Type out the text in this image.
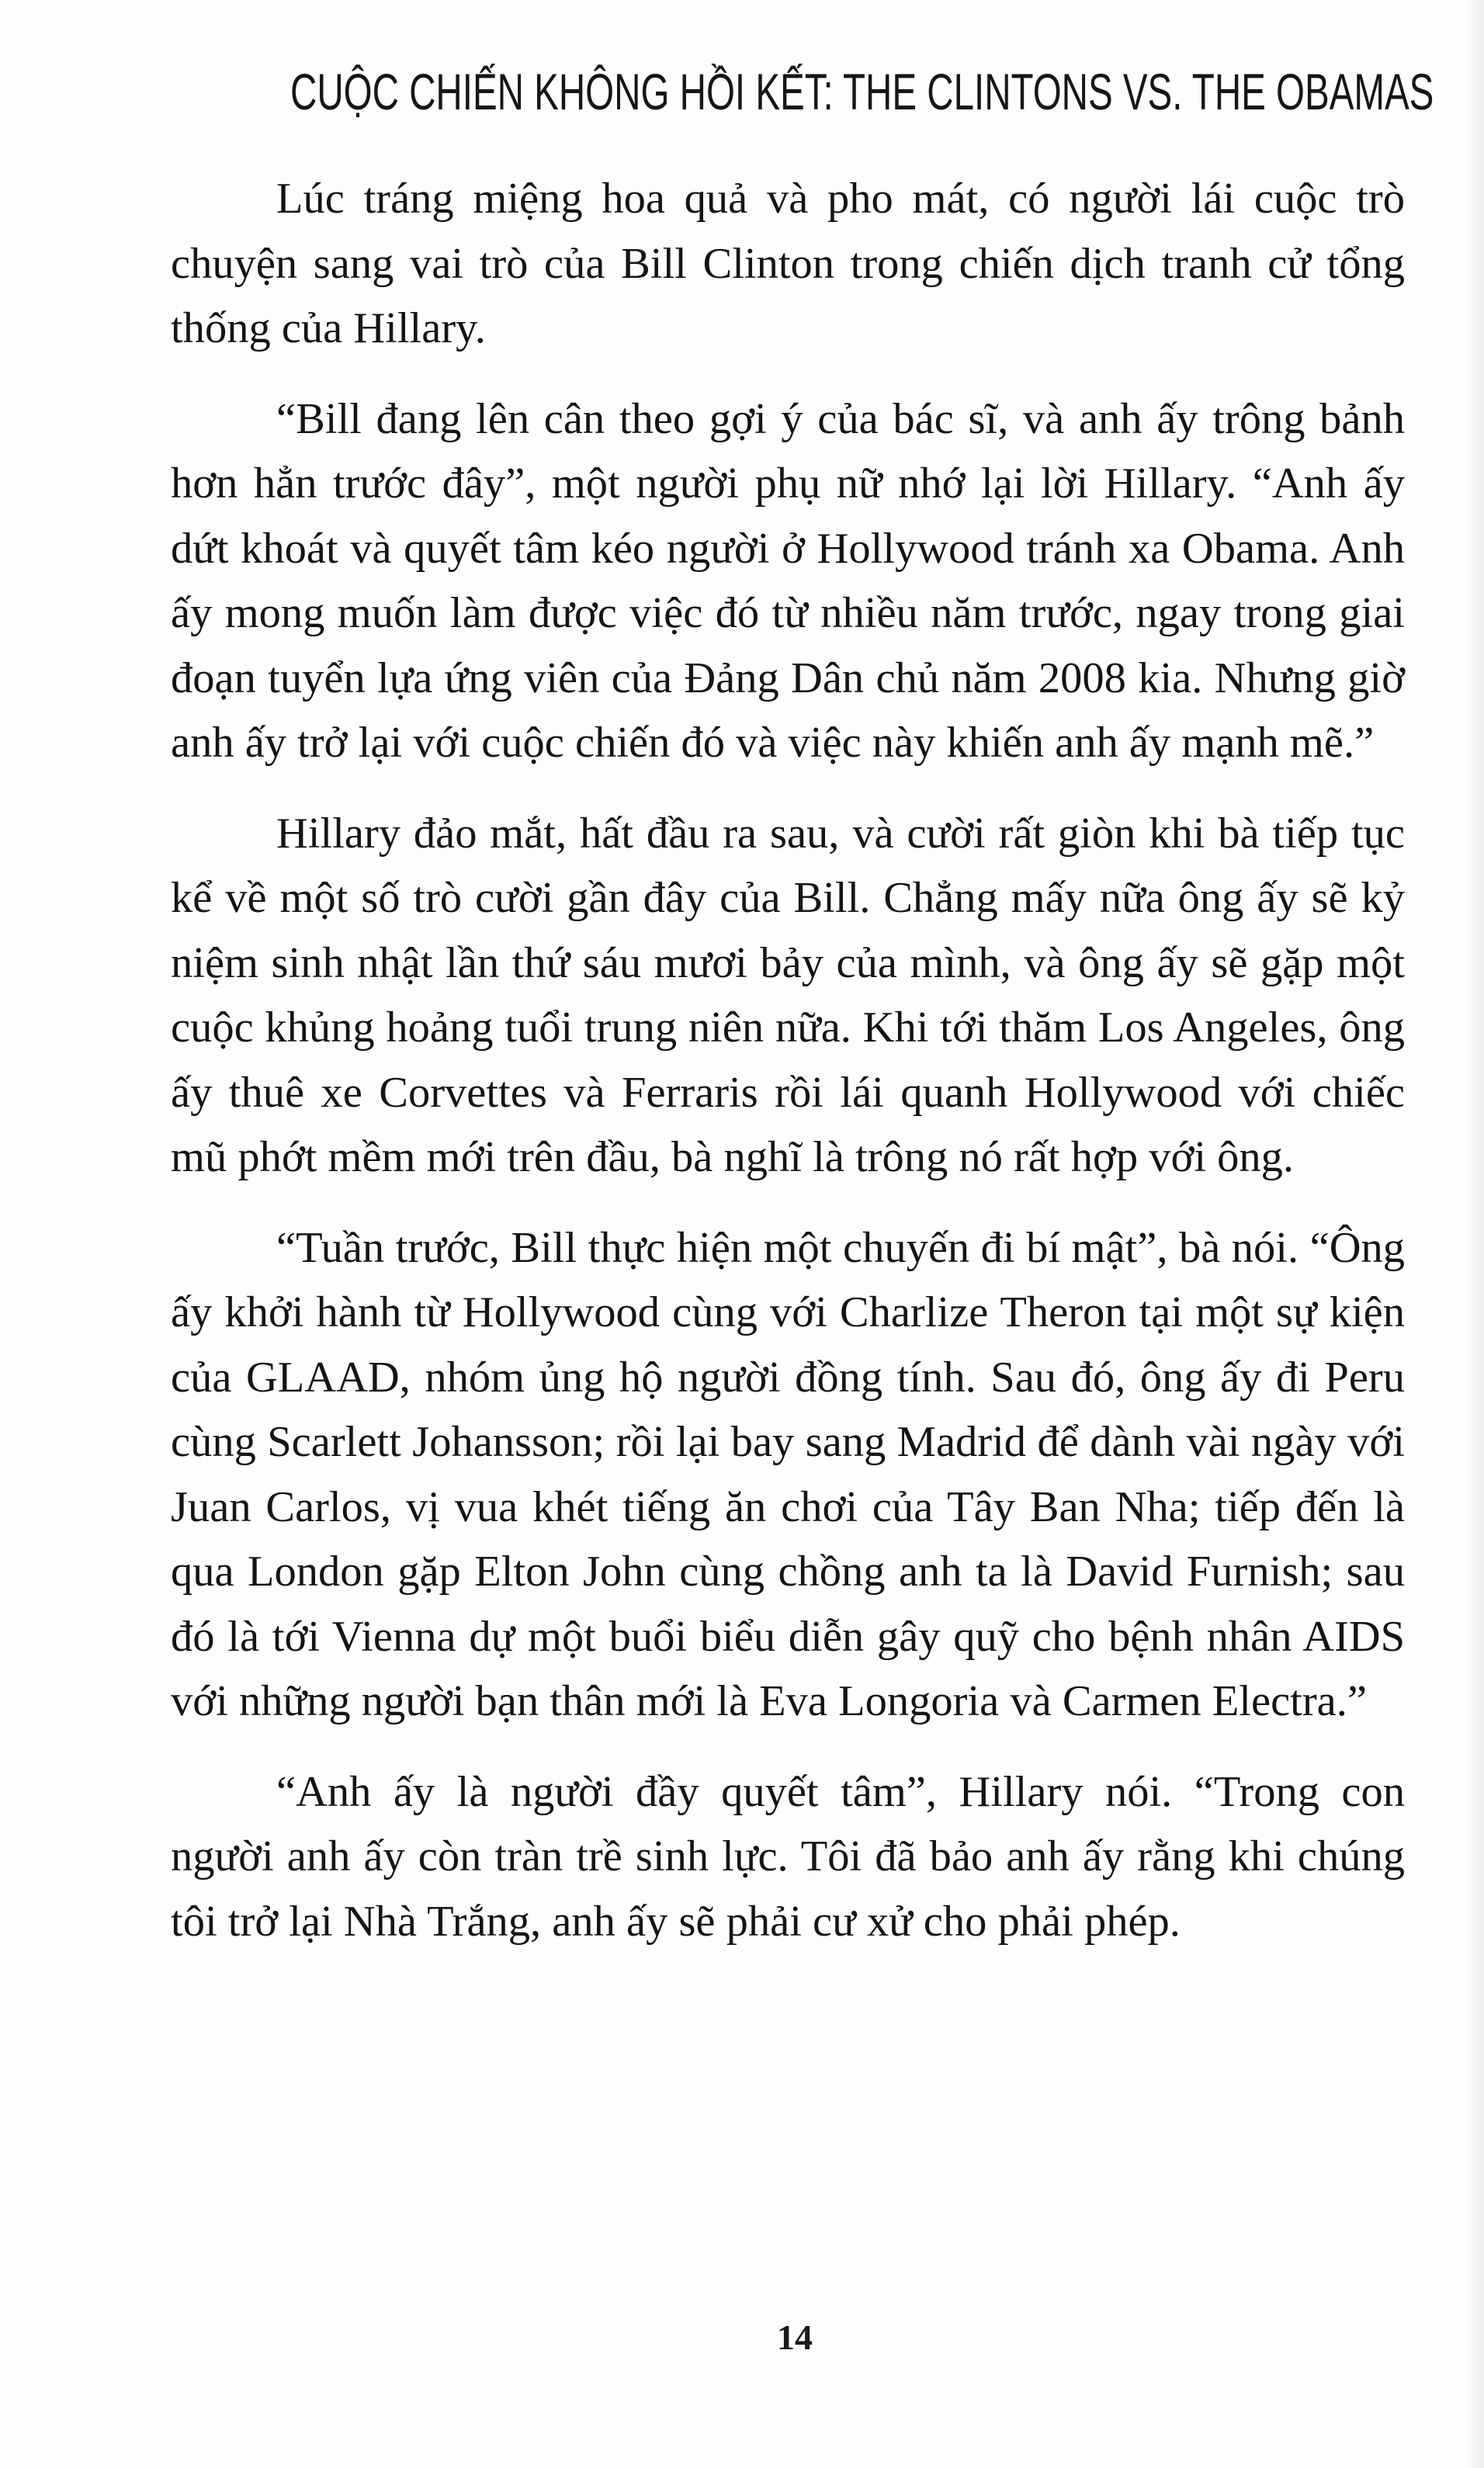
CUỘC CHIẾN KHÔNG HỒI KẾT: THE CLINTONS VS. THE OBAMAS

Lúc tráng miệng hoa quả và pho mát, có người lái cuộc trò chuyện sang vai trò của Bill Clinton trong chiến dịch tranh cử tổng thống của Hillary.

“Bill đang lên cân theo gợi ý của bác sĩ, và anh ấy trông bảnh hơn hẳn trước đây”, một người phụ nữ nhớ lại lời Hillary. “Anh ấy dứt khoát và quyết tâm kéo người ở Hollywood tránh xa Obama. Anh ấy mong muốn làm được việc đó từ nhiều năm trước, ngay trong giai đoạn tuyển lựa ứng viên của Đảng Dân chủ năm 2008 kia. Nhưng giờ anh ấy trở lại với cuộc chiến đó và việc này khiến anh ấy mạnh mẽ.”

Hillary đảo mắt, hất đầu ra sau, và cười rất giòn khi bà tiếp tục kể về một số trò cười gần đây của Bill. Chẳng mấy nữa ông ấy sẽ kỷ niệm sinh nhật lần thứ sáu mươi bảy của mình, và ông ấy sẽ gặp một cuộc khủng hoảng tuổi trung niên nữa. Khi tới thăm Los Angeles, ông ấy thuê xe Corvettes và Ferraris rồi lái quanh Hollywood với chiếc mũ phớt mềm mới trên đầu, bà nghĩ là trông nó rất hợp với ông.

“Tuần trước, Bill thực hiện một chuyến đi bí mật”, bà nói. “Ông ấy khởi hành từ Hollywood cùng với Charlize Theron tại một sự kiện của GLAAD, nhóm ủng hộ người đồng tính. Sau đó, ông ấy đi Peru cùng Scarlett Johansson; rồi lại bay sang Madrid để dành vài ngày với Juan Carlos, vị vua khét tiếng ăn chơi của Tây Ban Nha; tiếp đến là qua London gặp Elton John cùng chồng anh ta là David Furnish; sau đó là tới Vienna dự một buổi biểu diễn gây quỹ cho bệnh nhân AIDS với những người bạn thân mới là Eva Longoria và Carmen Electra.”

“Anh ấy là người đầy quyết tâm”, Hillary nói. “Trong con người anh ấy còn tràn trề sinh lực. Tôi đã bảo anh ấy rằng khi chúng tôi trở lại Nhà Trắng, anh ấy sẽ phải cư xử cho phải phép.

14
